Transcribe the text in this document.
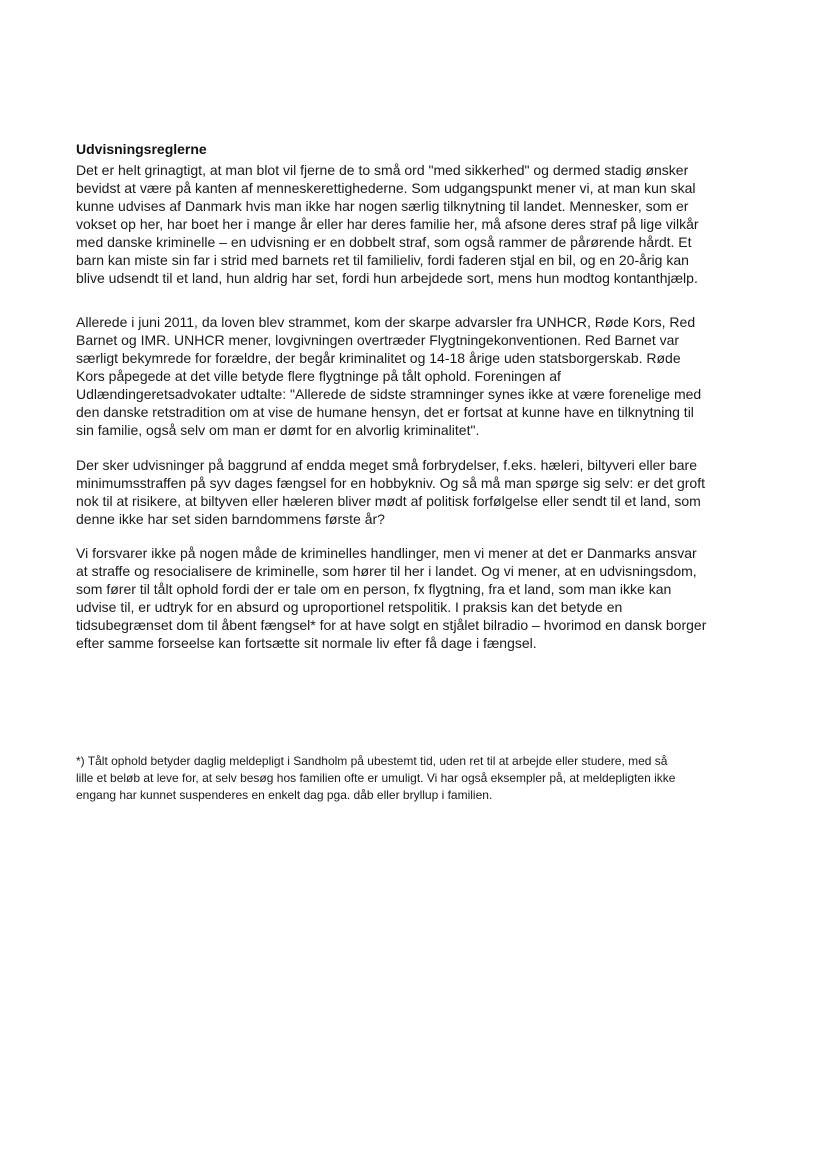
Udvisningsreglerne
Det er helt grinagtigt, at man blot vil fjerne de to små ord "med sikkerhed" og dermed stadig ønsker
bevidst at være på kanten af menneskerettighederne. Som udgangspunkt mener vi, at man kun skal
kunne udvises af Danmark hvis man ikke har nogen særlig tilknytning til landet. Mennesker, som er
vokset op her, har boet her i mange år eller har deres familie her, må afsone deres straf på lige vilkår
med danske kriminelle – en udvisning er en dobbelt straf, som også rammer de pårørende hårdt. Et
barn kan miste sin far i strid med barnets ret til familieliv, fordi faderen stjal en bil, og en 20-årig kan
blive udsendt til et land, hun aldrig har set, fordi hun arbejdede sort, mens hun modtog kontanthjælp.
Allerede i juni 2011, da loven blev strammet, kom der skarpe advarsler fra UNHCR, Røde Kors, Red
Barnet og IMR. UNHCR mener, lovgivningen overtræder Flygtningekonventionen. Red Barnet var
særligt bekymrede for forældre, der begår kriminalitet og 14-18 årige uden statsborgerskab. Røde
Kors påpegede at det ville betyde flere flygtninge på tålt ophold. Foreningen af
Udlændingeretsadvokater udtalte: "Allerede de sidste stramninger synes ikke at være forenelige med
den danske retstradition om at vise de humane hensyn, det er fortsat at kunne have en tilknytning til
sin familie, også selv om man er dømt for en alvorlig kriminalitet".
Der sker udvisninger på baggrund af endda meget små forbrydelser, f.eks. hæleri, biltyveri eller bare
minimumsstraffen på syv dages fængsel for en hobbykniv. Og så må man spørge sig selv: er det groft
nok til at risikere, at biltyven eller hæleren bliver mødt af politisk forfølgelse eller sendt til et land, som
denne ikke har set siden barndommens første år?
Vi forsvarer ikke på nogen måde de kriminelles handlinger, men vi mener at det er Danmarks ansvar
at straffe og resocialisere de kriminelle, som hører til her i landet. Og vi mener, at en udvisningsdom,
som fører til tålt ophold fordi der er tale om en person, fx flygtning, fra et land, som man ikke kan
udvise til, er udtryk for en absurd og uproportionel retspolitik. I praksis kan det betyde en
tidsubegrænset dom til åbent fængsel* for at have solgt en stjålet bilradio – hvorimod en dansk borger
efter samme forseelse kan fortsætte sit normale liv efter få dage i fængsel.
*) Tålt ophold betyder daglig meldepligt i Sandholm på ubestemt tid, uden ret til at arbejde eller studere, med så
lille et beløb at leve for, at selv besøg hos familien ofte er umuligt. Vi har også eksempler på, at meldepligten ikke
engang har kunnet suspenderes en enkelt dag pga. dåb eller bryllup i familien.
